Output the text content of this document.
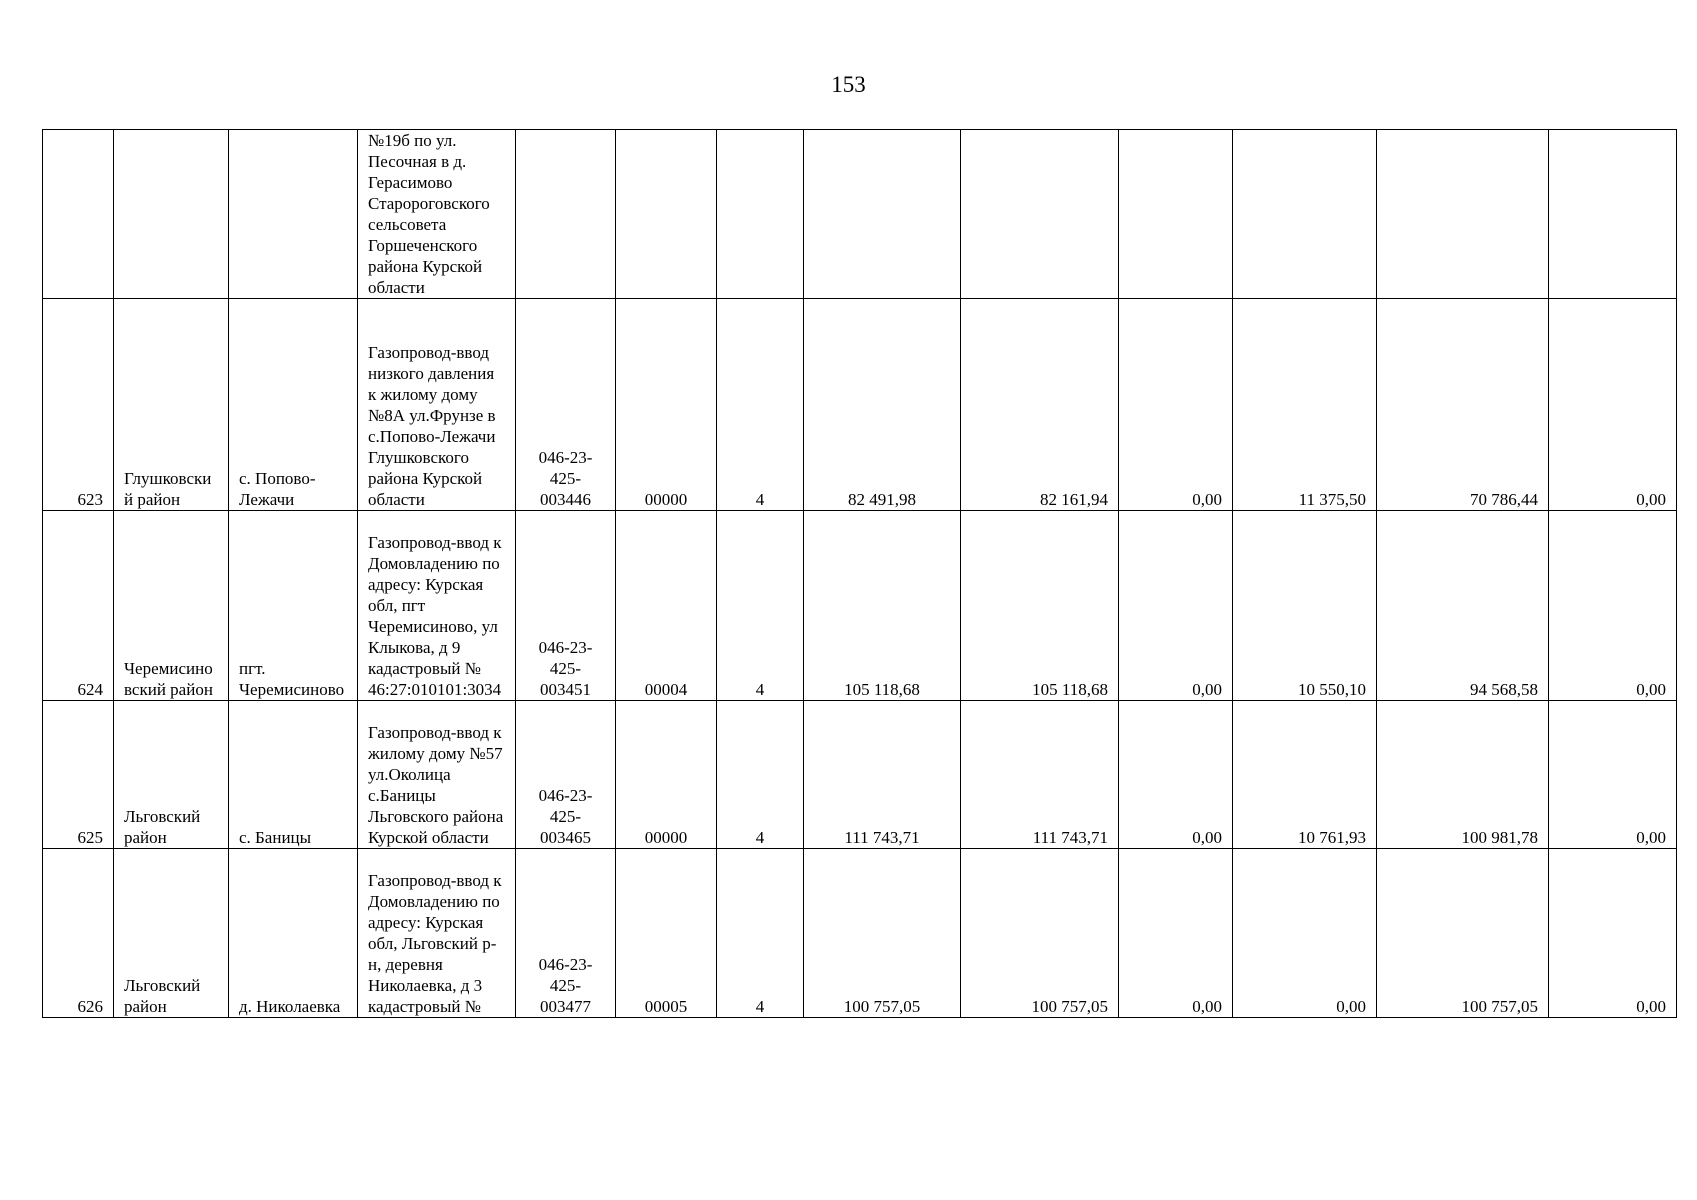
153
			№19б по ул. Песочная в д. Герасимово Старороговского сельсовета Горшеченского района Курской области									
623	Глушковский район	с. Попово-Лежачи	Газопровод-ввод низкого давления к жилому дому №8А ул.Фрунзе в с.Попово-Лежачи Глушковского района Курской области	046-23-425-003446	00000	4	82 491,98	82 161,94	0,00	11 375,50	70 786,44	0,00
624	Черемисиновский район	пгт. Черемисиново	Газопровод-ввод к Домовладению по адресу: Курская обл, пгт Черемисиново, ул Клыкова, д 9 кадастровый № 46:27:010101:3034	046-23-425-003451	00004	4	105 118,68	105 118,68	0,00	10 550,10	94 568,58	0,00
625	Льговский район	с. Баницы	Газопровод-ввод к жилому дому №57 ул.Околица с.Баницы Льговского района Курской области	046-23-425-003465	00000	4	111 743,71	111 743,71	0,00	10 761,93	100 981,78	0,00
626	Льговский район	д. Николаевка	Газопровод-ввод к Домовладению по адресу: Курская обл, Льговский р-н, деревня Николаевка, д 3 кадастровый №	046-23-425-003477	00005	4	100 757,05	100 757,05	0,00	0,00	100 757,05	0,00
